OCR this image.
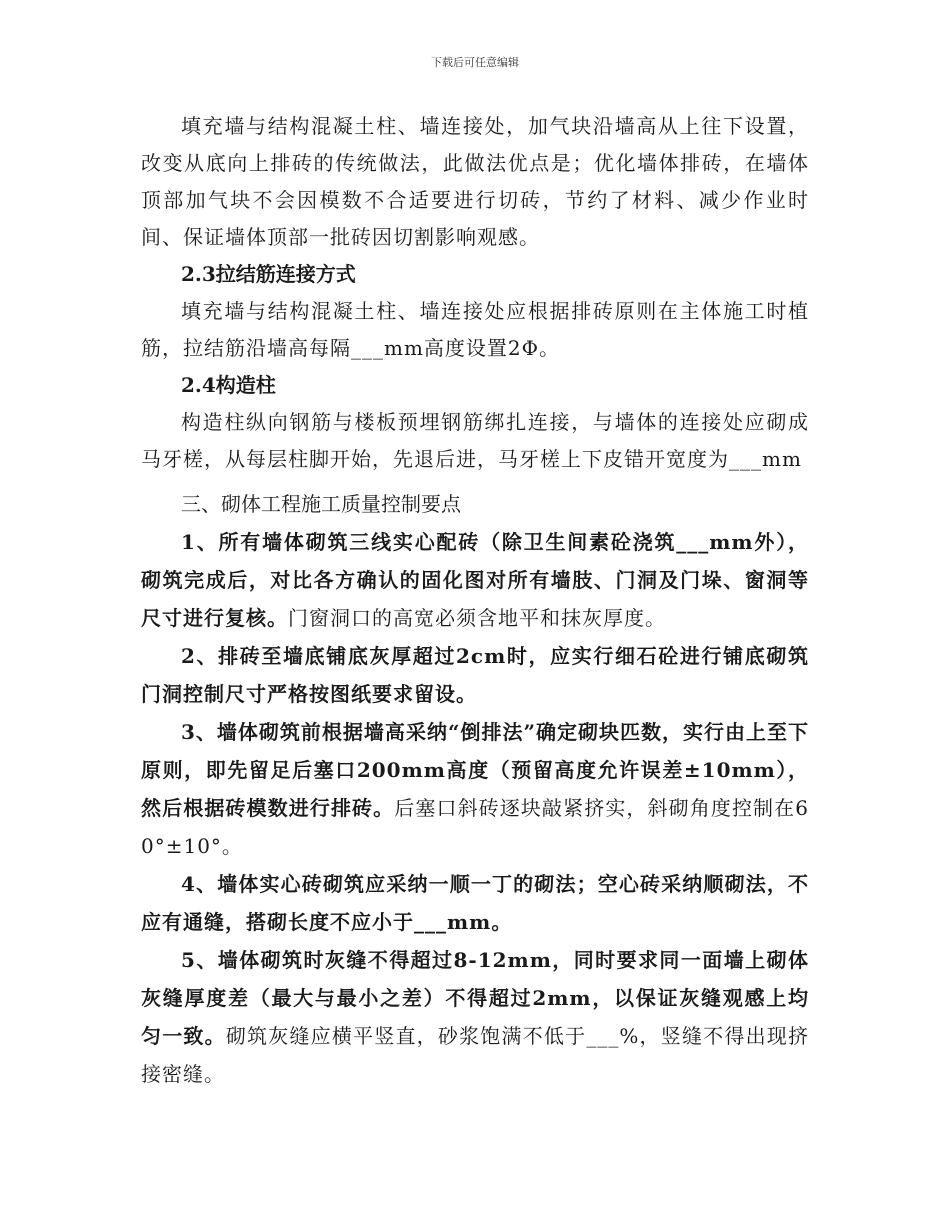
下载后可任意编辑

填充墙与结构混凝土柱、墙连接处，加气块沿墙高从上往下设置，改变从底向上排砖的传统做法，此做法优点是；优化墙体排砖，在墙体顶部加气块不会因模数不合适要进行切砖，节约了材料、减少作业时间、保证墙体顶部一批砖因切割影响观感。

2.3拉结筋连接方式

填充墙与结构混凝土柱、墙连接处应根据排砖原则在主体施工时植筋，拉结筋沿墙高每隔___mm高度设置2Φ。

2.4构造柱

构造柱纵向钢筋与楼板预埋钢筋绑扎连接，与墙体的连接处应砌成马牙槎，从每层柱脚开始，先退后进，马牙槎上下皮错开宽度为___mm

三、砌体工程施工质量控制要点

1、所有墙体砌筑三线实心配砖（除卫生间素砼浇筑___mm外），砌筑完成后，对比各方确认的固化图对所有墙肢、门洞及门垛、窗洞等尺寸进行复核。门窗洞口的高宽必须含地平和抹灰厚度。

2、排砖至墙底铺底灰厚超过2cm时，应实行细石砼进行铺底砌筑门洞控制尺寸严格按图纸要求留设。

3、墙体砌筑前根据墙高采纳“倒排法”确定砌块匹数，实行由上至下原则，即先留足后塞口200mm高度（预留高度允许误差±10mm），然后根据砖模数进行排砖。后塞口斜砖逐块敲紧挤实，斜砌角度控制在60°±10°。

4、墙体实心砖砌筑应采纳一顺一丁的砌法；空心砖采纳顺砌法，不应有通缝，搭砌长度不应小于___mm。

5、墙体砌筑时灰缝不得超过8-12mm，同时要求同一面墙上砌体灰缝厚度差（最大与最小之差）不得超过2mm，以保证灰缝观感上均匀一致。砌筑灰缝应横平竖直，砂浆饱满不低于___%，竖缝不得出现挤接密缝。
